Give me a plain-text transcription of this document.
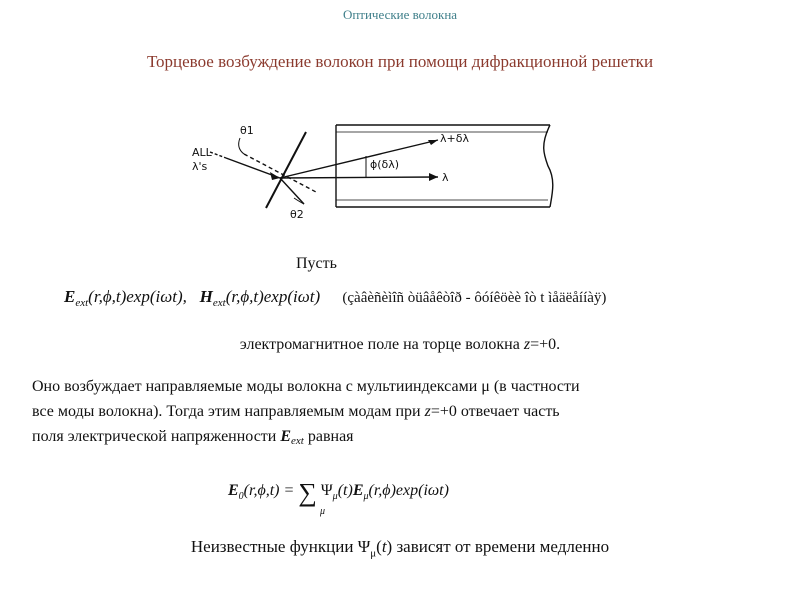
Оптические волокна
Торцевое возбуждение волокон при помощи дифракционной решетки
ALL
λ's
θ1
θ2
λ+δλ
ϕ(δλ)
λ
Пусть
$E_{ext}(r,\phi,t)\exp(i\omega t)$, $H_{ext}(r,\phi,t)\exp(i\omega t)$ (çàâèñèìîñ òüâåêòîð - ôóíêöèè îò t ìåäëåííàÿ)
электромагнитное поле на торце волокна z=+0.
Оно возбуждает направляемые моды волокна с мультииндексами μ (в частности
все моды волокна). Тогда этим направляемым модам при z=+0 отвечает часть
поля электрической напряженности Eext равная
$E_0(r,\phi,t)$ = ∑
μ
$\Psi_\mu(t)E_\mu(r,\phi)\exp(i\omega t)$
Неизвестные функции $\Psi_\mu(t)$ зависят от времени медленно
